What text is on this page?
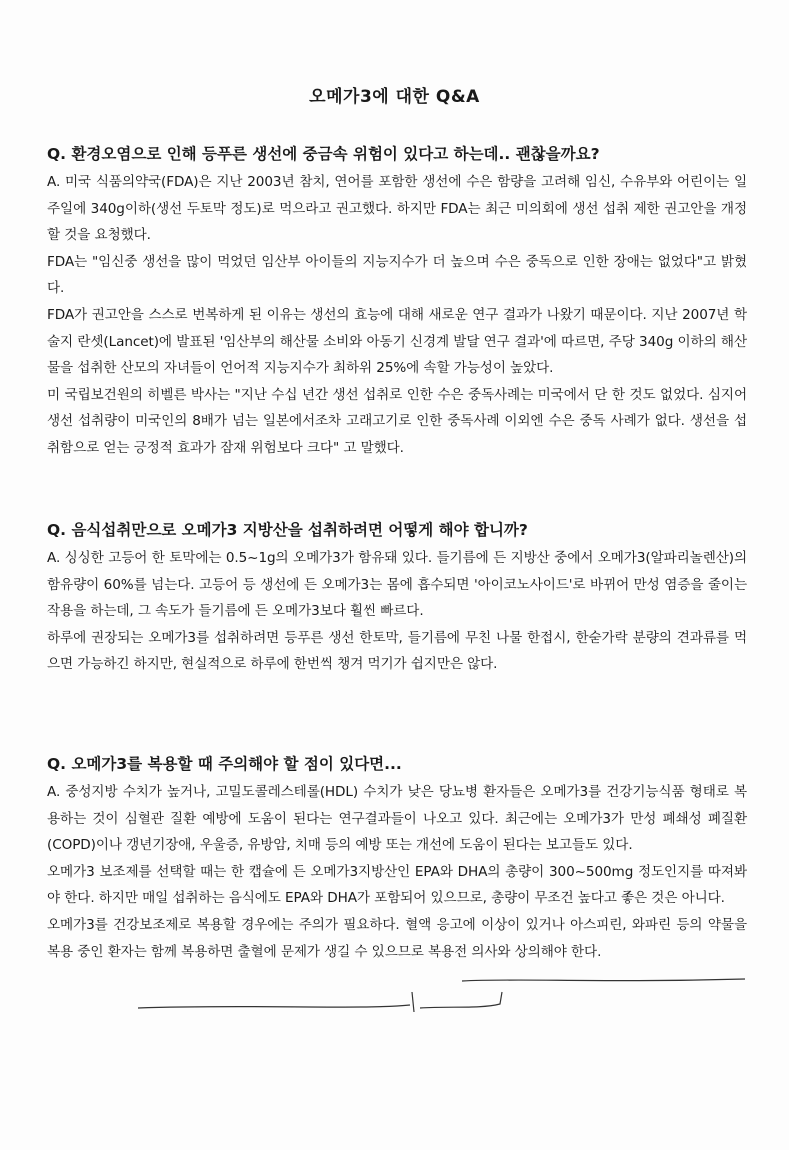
오메가3에 대한 Q&A
Q. 환경오염으로 인해 등푸른 생선에 중금속 위험이 있다고 하는데.. 괜찮을까요?

A. 미국 식품의약국(FDA)은 지난 2003년 참치, 연어를 포함한 생선에 수은 함량을 고려해 임신, 수유부와 어린이는 일주일에 340g이하(생선 두토막 정도)로 먹으라고 권고했다. 하지만 FDA는 최근 미의회에 생선 섭취 제한 권고안을 개정할 것을 요청했다.

FDA는 "임신중 생선을 많이 먹었던 임산부 아이들의 지능지수가 더 높으며 수은 중독으로 인한 장애는 없었다"고 밝혔다.

FDA가 권고안을 스스로 번복하게 된 이유는 생선의 효능에 대해 새로운 연구 결과가 나왔기 때문이다. 지난 2007년 학술지 란셋(Lancet)에 발표된 '임산부의 해산물 소비와 아동기 신경계 발달 연구 결과'에 따르면, 주당 340g 이하의 해산물을 섭취한 산모의 자녀들이 언어적 지능지수가 최하위 25%에 속할 가능성이 높았다.

미 국립보건원의 히벨른 박사는 "지난 수십 년간 생선 섭취로 인한 수은 중독사례는 미국에서 단 한 것도 없었다. 심지어 생선 섭취량이 미국인의 8배가 넘는 일본에서조차 고래고기로 인한 중독사례 이외엔 수은 중독 사례가 없다. 생선을 섭취함으로 얻는 긍정적 효과가 잠재 위험보다 크다" 고 말했다.

Q. 음식섭취만으로 오메가3 지방산을 섭취하려면 어떻게 해야 합니까?

A. 싱싱한 고등어 한 토막에는 0.5~1g의 오메가3가 함유돼 있다. 들기름에 든 지방산 중에서 오메가3(알파리놀렌산)의 함유량이 60%를 넘는다. 고등어 등 생선에 든 오메가3는 몸에 흡수되면 '아이코노사이드'로 바뀌어 만성 염증을 줄이는 작용을 하는데, 그 속도가 들기름에 든 오메가3보다 훨씬 빠르다.

하루에 권장되는 오메가3를 섭취하려면 등푸른 생선 한토막, 들기름에 무친 나물 한접시, 한숟가락 분량의 견과류를 먹으면 가능하긴 하지만, 현실적으로 하루에 한번씩 챙겨 먹기가 쉽지만은 않다.

Q. 오메가3를 복용할 때 주의해야 할 점이 있다면...

A. 중성지방 수치가 높거나, 고밀도콜레스테롤(HDL) 수치가 낮은 당뇨병 환자들은 오메가3를 건강기능식품 형태로 복용하는 것이 심혈관 질환 예방에 도움이 된다는 연구결과들이 나오고 있다. 최근에는 오메가3가 만성 폐쇄성 폐질환(COPD)이나 갱년기장애, 우울증, 유방암, 치매 등의 예방 또는 개선에 도움이 된다는 보고들도 있다.

오메가3 보조제를 선택할 때는 한 캡슐에 든 오메가3지방산인 EPA와 DHA의 총량이 300~500mg 정도인지를 따져봐야 한다. 하지만 매일 섭취하는 음식에도 EPA와 DHA가 포함되어 있으므로, 총량이 무조건 높다고 좋은 것은 아니다.

오메가3를 건강보조제로 복용할 경우에는 주의가 필요하다. 혈액 응고에 이상이 있거나 아스피린, 와파린 등의 약물을 복용 중인 환자는 함께 복용하면 출혈에 문제가 생길 수 있으므로 복용전 의사와 상의해야 한다.
